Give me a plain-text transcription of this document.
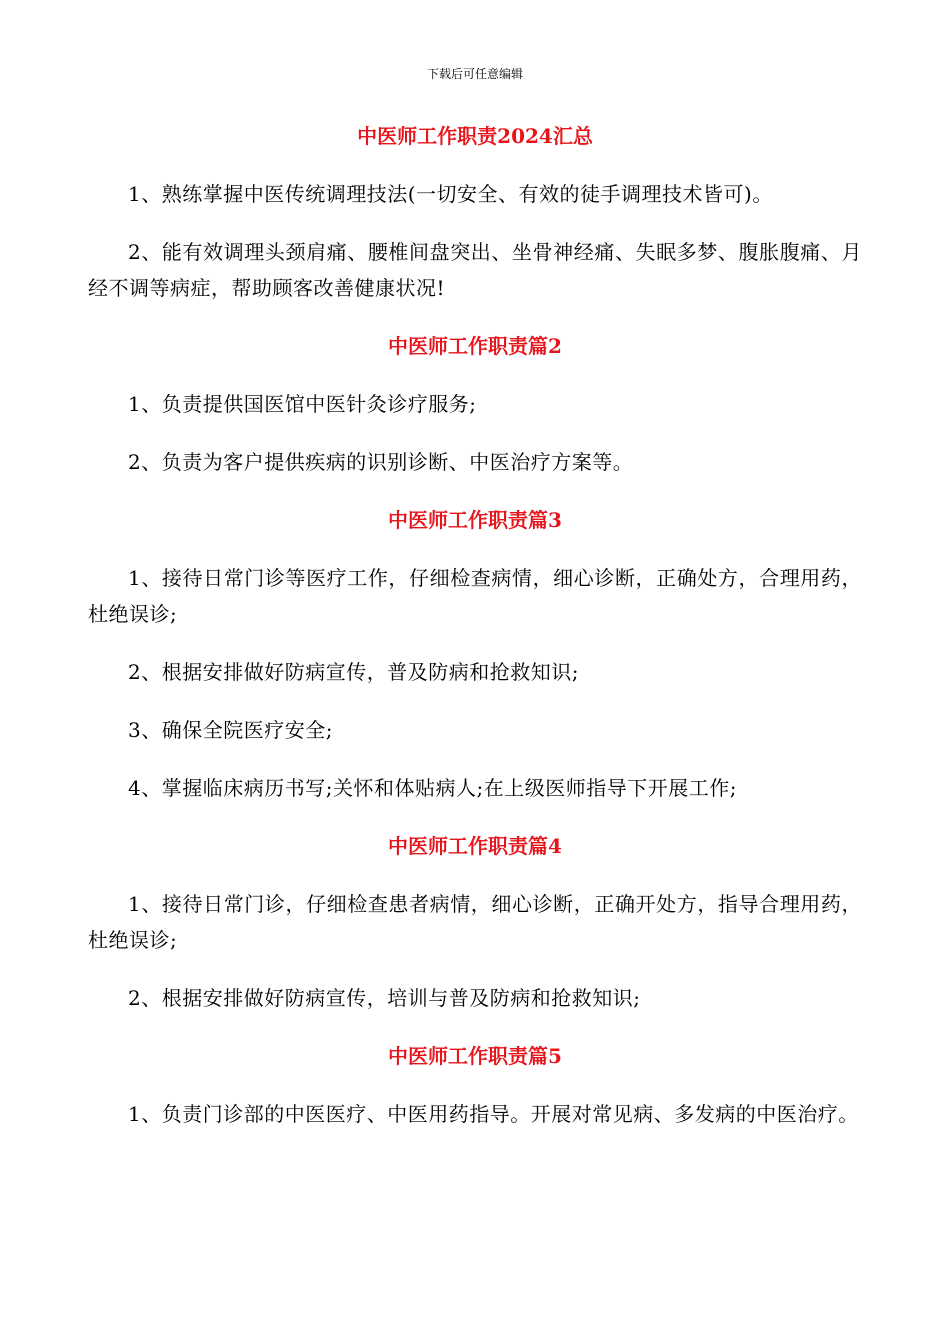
下载后可任意编辑
中医师工作职责2024汇总

1、熟练掌握中医传统调理技法(一切安全、有效的徒手调理技术皆可)。

2、能有效调理头颈肩痛、腰椎间盘突出、坐骨神经痛、失眠多梦、腹胀腹痛、月经不调等病症，帮助顾客改善健康状况!

中医师工作职责篇2

1、负责提供国医馆中医针灸诊疗服务;

2、负责为客户提供疾病的识别诊断、中医治疗方案等。

中医师工作职责篇3

1、接待日常门诊等医疗工作，仔细检查病情，细心诊断，正确处方，合理用药，杜绝误诊;

2、根据安排做好防病宣传，普及防病和抢救知识;

3、确保全院医疗安全;

4、掌握临床病历书写;关怀和体贴病人;在上级医师指导下开展工作;

中医师工作职责篇4

1、接待日常门诊，仔细检查患者病情，细心诊断，正确开处方，指导合理用药，杜绝误诊;

2、根据安排做好防病宣传，培训与普及防病和抢救知识;

中医师工作职责篇5

1、负责门诊部的中医医疗、中医用药指导。开展对常见病、多发病的中医治疗。
